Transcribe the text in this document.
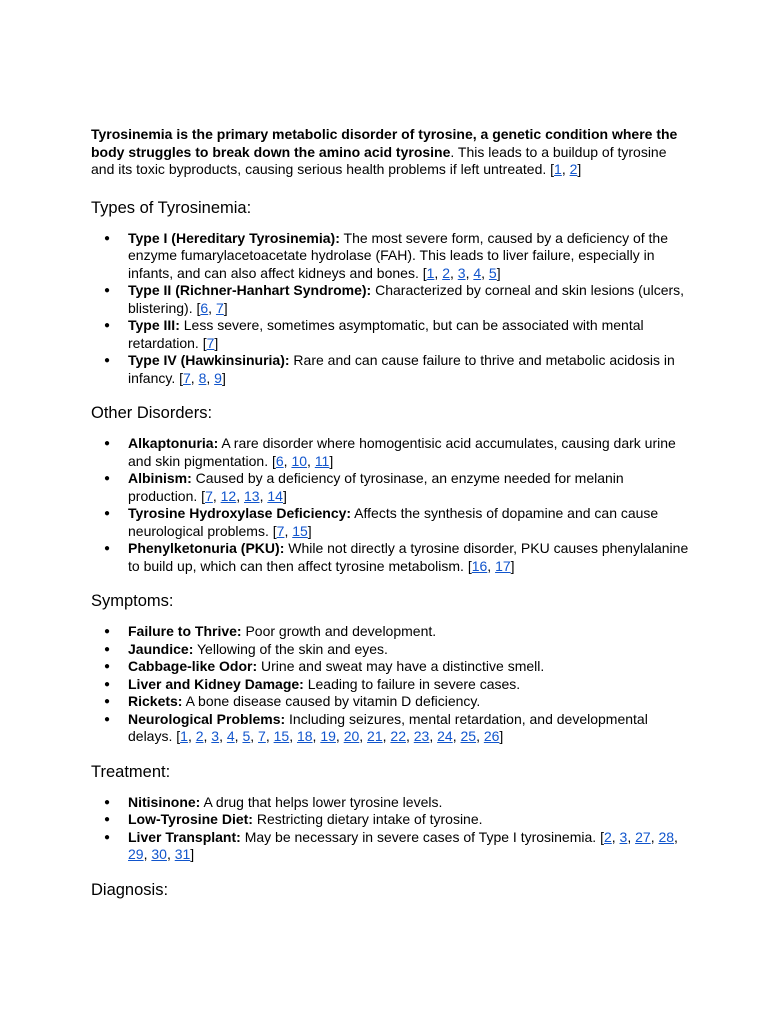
Tyrosinemia is the primary metabolic disorder of tyrosine, a genetic condition where the body struggles to break down the amino acid tyrosine. This leads to a buildup of tyrosine and its toxic byproducts, causing serious health problems if left untreated. [1, 2]

Types of Tyrosinemia:
● Type I (Hereditary Tyrosinemia): The most severe form, caused by a deficiency of the enzyme fumarylacetoacetate hydrolase (FAH). This leads to liver failure, especially in infants, and can also affect kidneys and bones. [1, 2, 3, 4, 5]
● Type II (Richner-Hanhart Syndrome): Characterized by corneal and skin lesions (ulcers, blistering). [6, 7]
● Type III: Less severe, sometimes asymptomatic, but can be associated with mental retardation. [7]
● Type IV (Hawkinsinuria): Rare and can cause failure to thrive and metabolic acidosis in infancy. [7, 8, 9]
Other Disorders:
● Alkaptonuria: A rare disorder where homogentisic acid accumulates, causing dark urine and skin pigmentation. [6, 10, 11]
● Albinism: Caused by a deficiency of tyrosinase, an enzyme needed for melanin production. [7, 12, 13, 14]
● Tyrosine Hydroxylase Deficiency: Affects the synthesis of dopamine and can cause neurological problems. [7, 15]
● Phenylketonuria (PKU): While not directly a tyrosine disorder, PKU causes phenylalanine to build up, which can then affect tyrosine metabolism. [16, 17]
Symptoms:
● Failure to Thrive: Poor growth and development.
● Jaundice: Yellowing of the skin and eyes.
● Cabbage-like Odor: Urine and sweat may have a distinctive smell.
● Liver and Kidney Damage: Leading to failure in severe cases.
● Rickets: A bone disease caused by vitamin D deficiency.
● Neurological Problems: Including seizures, mental retardation, and developmental delays. [1, 2, 3, 4, 5, 7, 15, 18, 19, 20, 21, 22, 23, 24, 25, 26]
Treatment:
● Nitisinone: A drug that helps lower tyrosine levels.
● Low-Tyrosine Diet: Restricting dietary intake of tyrosine.
● Liver Transplant: May be necessary in severe cases of Type I tyrosinemia. [2, 3, 27, 28, 29, 30, 31]
Diagnosis:
